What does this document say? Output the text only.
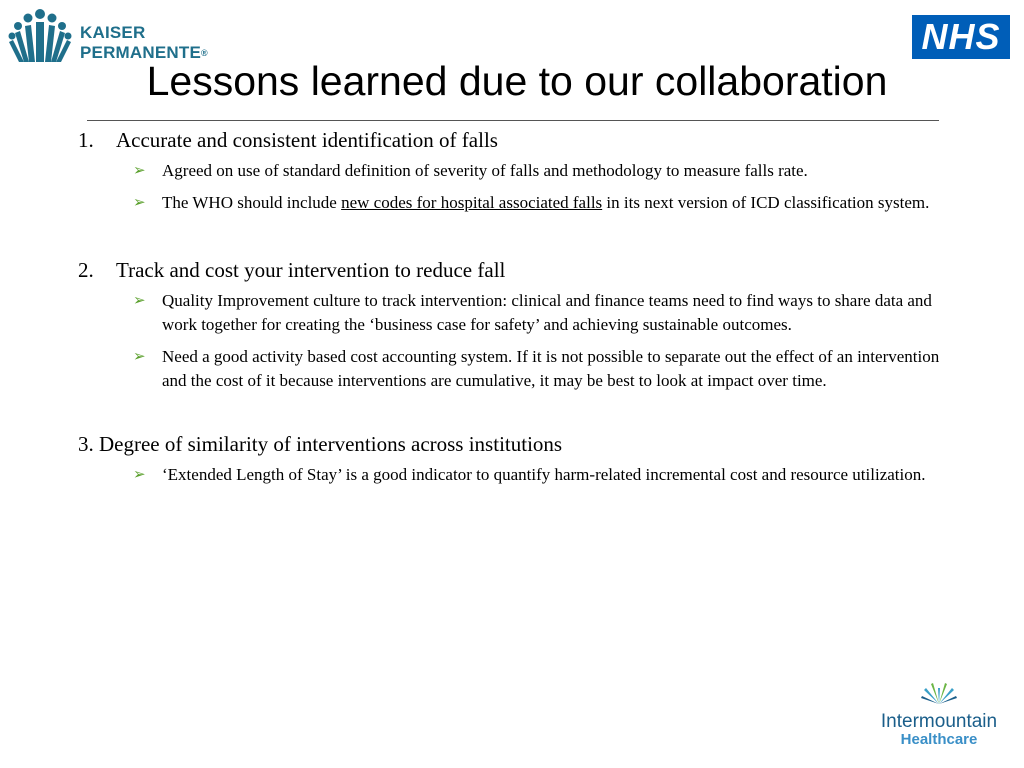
KAISER
PERMANENTE®	NHS
Lessons learned due to our collaboration

1. Accurate and consistent identification of falls

➢ Agreed on use of standard definition of severity of falls and methodology to measure falls rate.
➢ The WHO should include new codes for hospital associated falls in its next version of ICD classification system.

2. Track and cost your intervention to reduce fall

➢ Quality Improvement culture to track intervention: clinical and finance teams need to find ways to share data and work together for creating the ‘business case for safety’ and achieving sustainable outcomes.
➢ Need a good activity based cost accounting system. If it is not possible to separate out the effect of an intervention and the cost of it because interventions are cumulative, it may be best to look at impact over time.

3. Degree of similarity of interventions across institutions

➢ ‘Extended Length of Stay’ is a good indicator to quantify harm-related incremental cost and resource utilization.
Intermountain
Healthcare
